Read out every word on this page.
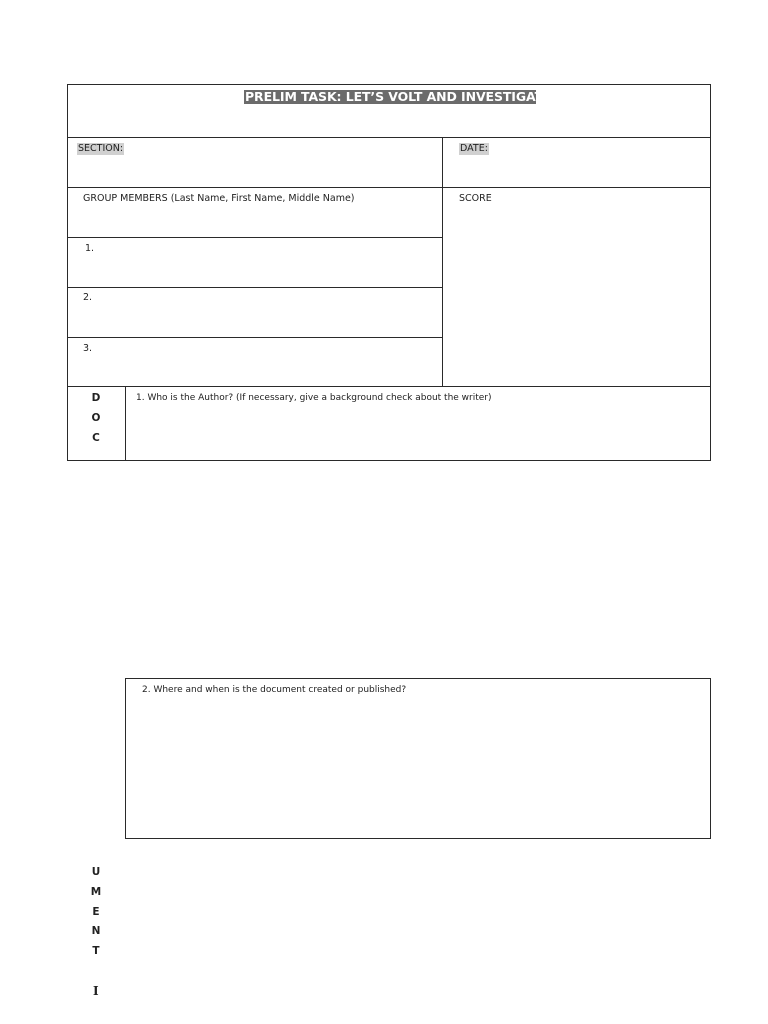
PRELIM TASK: LET’S VOLT AND INVESTIGATE
SECTION:	DATE:
GROUP MEMBERS (Last Name, First Name, Middle Name)	SCORE
1.
2.
3.
D
O
C
1. Who is the Author? (If necessary, give a background check about the writer)
2. Where and when is the document created or published?
U
M
E
N
T
I
